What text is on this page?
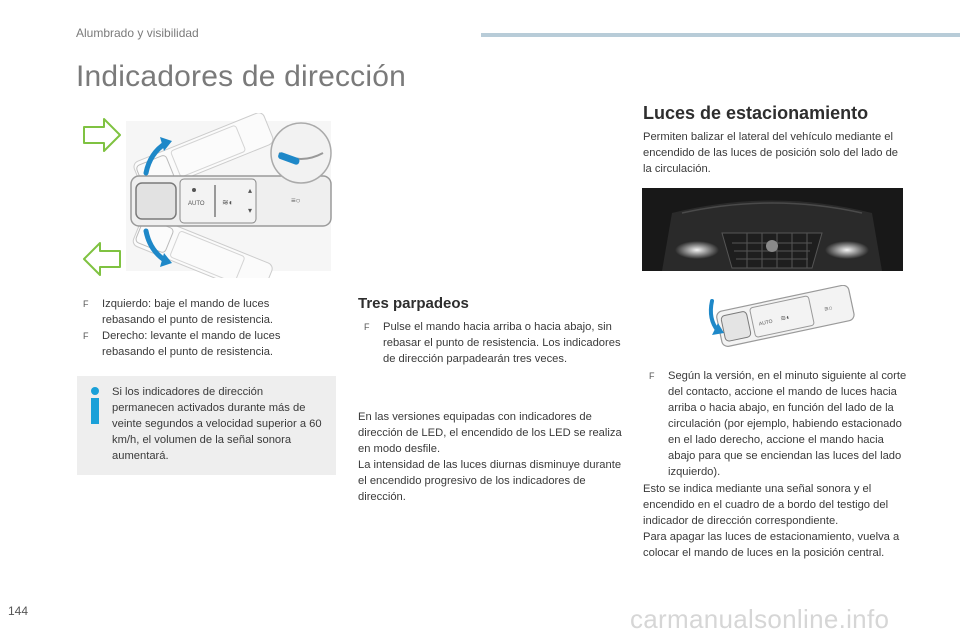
Alumbrado y visibilidad
Indicadores de dirección
AUTO ≋◐
▾
▴
≡○

F Izquierdo: baje el mando de luces rebasando el punto de resistencia.

F Derecho: levante el mando de luces rebasando el punto de resistencia.

Si los indicadores de dirección permanecen activados durante más de veinte segundos a velocidad superior a 60 km/h, el volumen de la señal sonora aumentará.
Tres parpadeos

F Pulse el mando hacia arriba o hacia abajo, sin rebasar el punto de resistencia. Los indicadores de dirección parpadearán tres veces.

En las versiones equipadas con indicadores de dirección de LED, el encendido de los LED se realiza en modo desfile.
La intensidad de las luces diurnas disminuye durante el encendido progresivo de los indicadores de dirección.
Luces de estacionamiento
Permiten balizar el lateral del vehículo mediante el encendido de las luces de posición solo del lado de la circulación.
AUTO
≋◐
≡○

F Según la versión, en el minuto siguiente al corte del contacto, accione el mando de luces hacia arriba o hacia abajo, en función del lado de la circulación (por ejemplo, habiendo estacionado en el lado derecho, accione el mando hacia abajo para que se enciendan las luces del lado izquierdo).

Esto se indica mediante una señal sonora y el encendido en el cuadro de a bordo del testigo del indicador de dirección correspondiente.
Para apagar las luces de estacionamiento, vuelva a colocar el mando de luces en la posición central.
144	carmanualsonline.info
